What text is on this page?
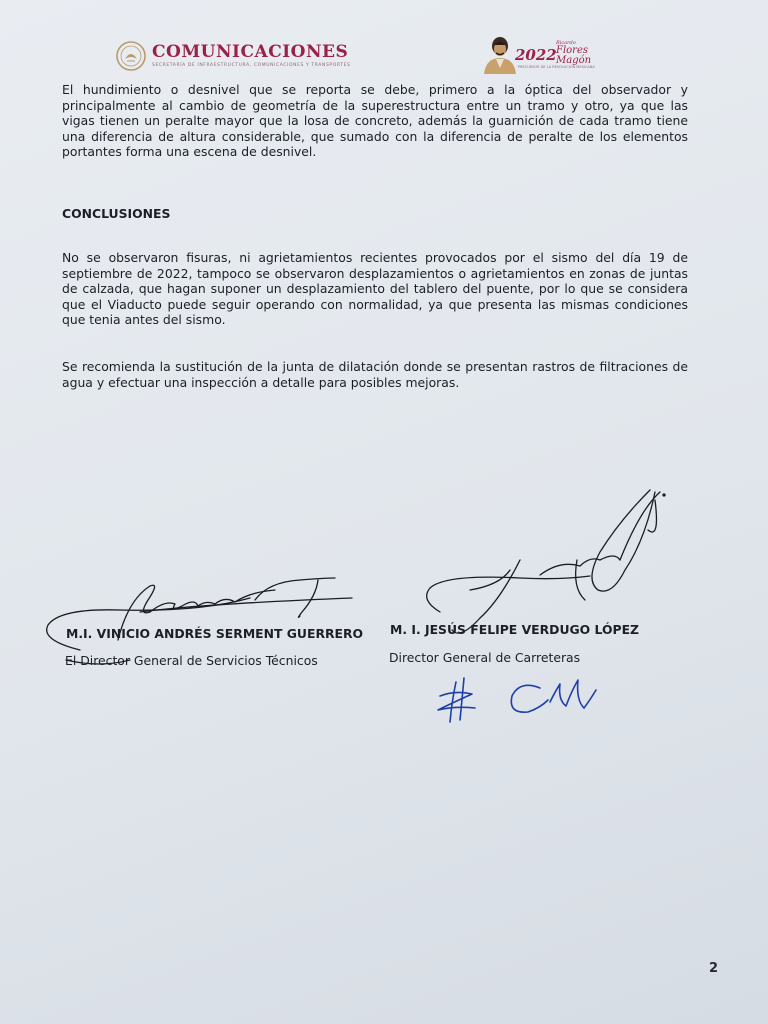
COMUNICACIONES
SECRETARÍA DE INFRAESTRUCTURA, COMUNICACIONES Y TRANSPORTES
2022
Ricardo
Flores
Magón
PRECURSOR DE LA REVOLUCIÓN MEXICANA

El hundimiento o desnivel que se reporta se debe, primero a la óptica del observador y principalmente al cambio de geometría de la superestructura entre un tramo y otro, ya que las vigas tienen un peralte mayor que la losa de concreto, además la guarnición de cada tramo tiene una diferencia de altura considerable, que sumado con la diferencia de peralte de los elementos portantes forma una escena de desnivel.

CONCLUSIONES

No se observaron fisuras, ni agrietamientos recientes provocados por el sismo del día 19 de septiembre de 2022, tampoco se observaron desplazamientos o agrietamientos en zonas de juntas de calzada, que hagan suponer un desplazamiento del tablero del puente, por lo que se considera que el Viaducto puede seguir operando con normalidad, ya que presenta las mismas condiciones que tenia antes del sismo.

Se recomienda la sustitución de la junta de dilatación donde se presentan rastros de filtraciones de agua y efectuar una inspección a detalle para posibles mejoras.

M.I. VINICIO ANDRÉS SERMENT GUERRERO
El Director General de Servicios Técnicos
M. I. JESÚS FELIPE VERDUGO LÓPEZ
Director General de Carreteras
2
